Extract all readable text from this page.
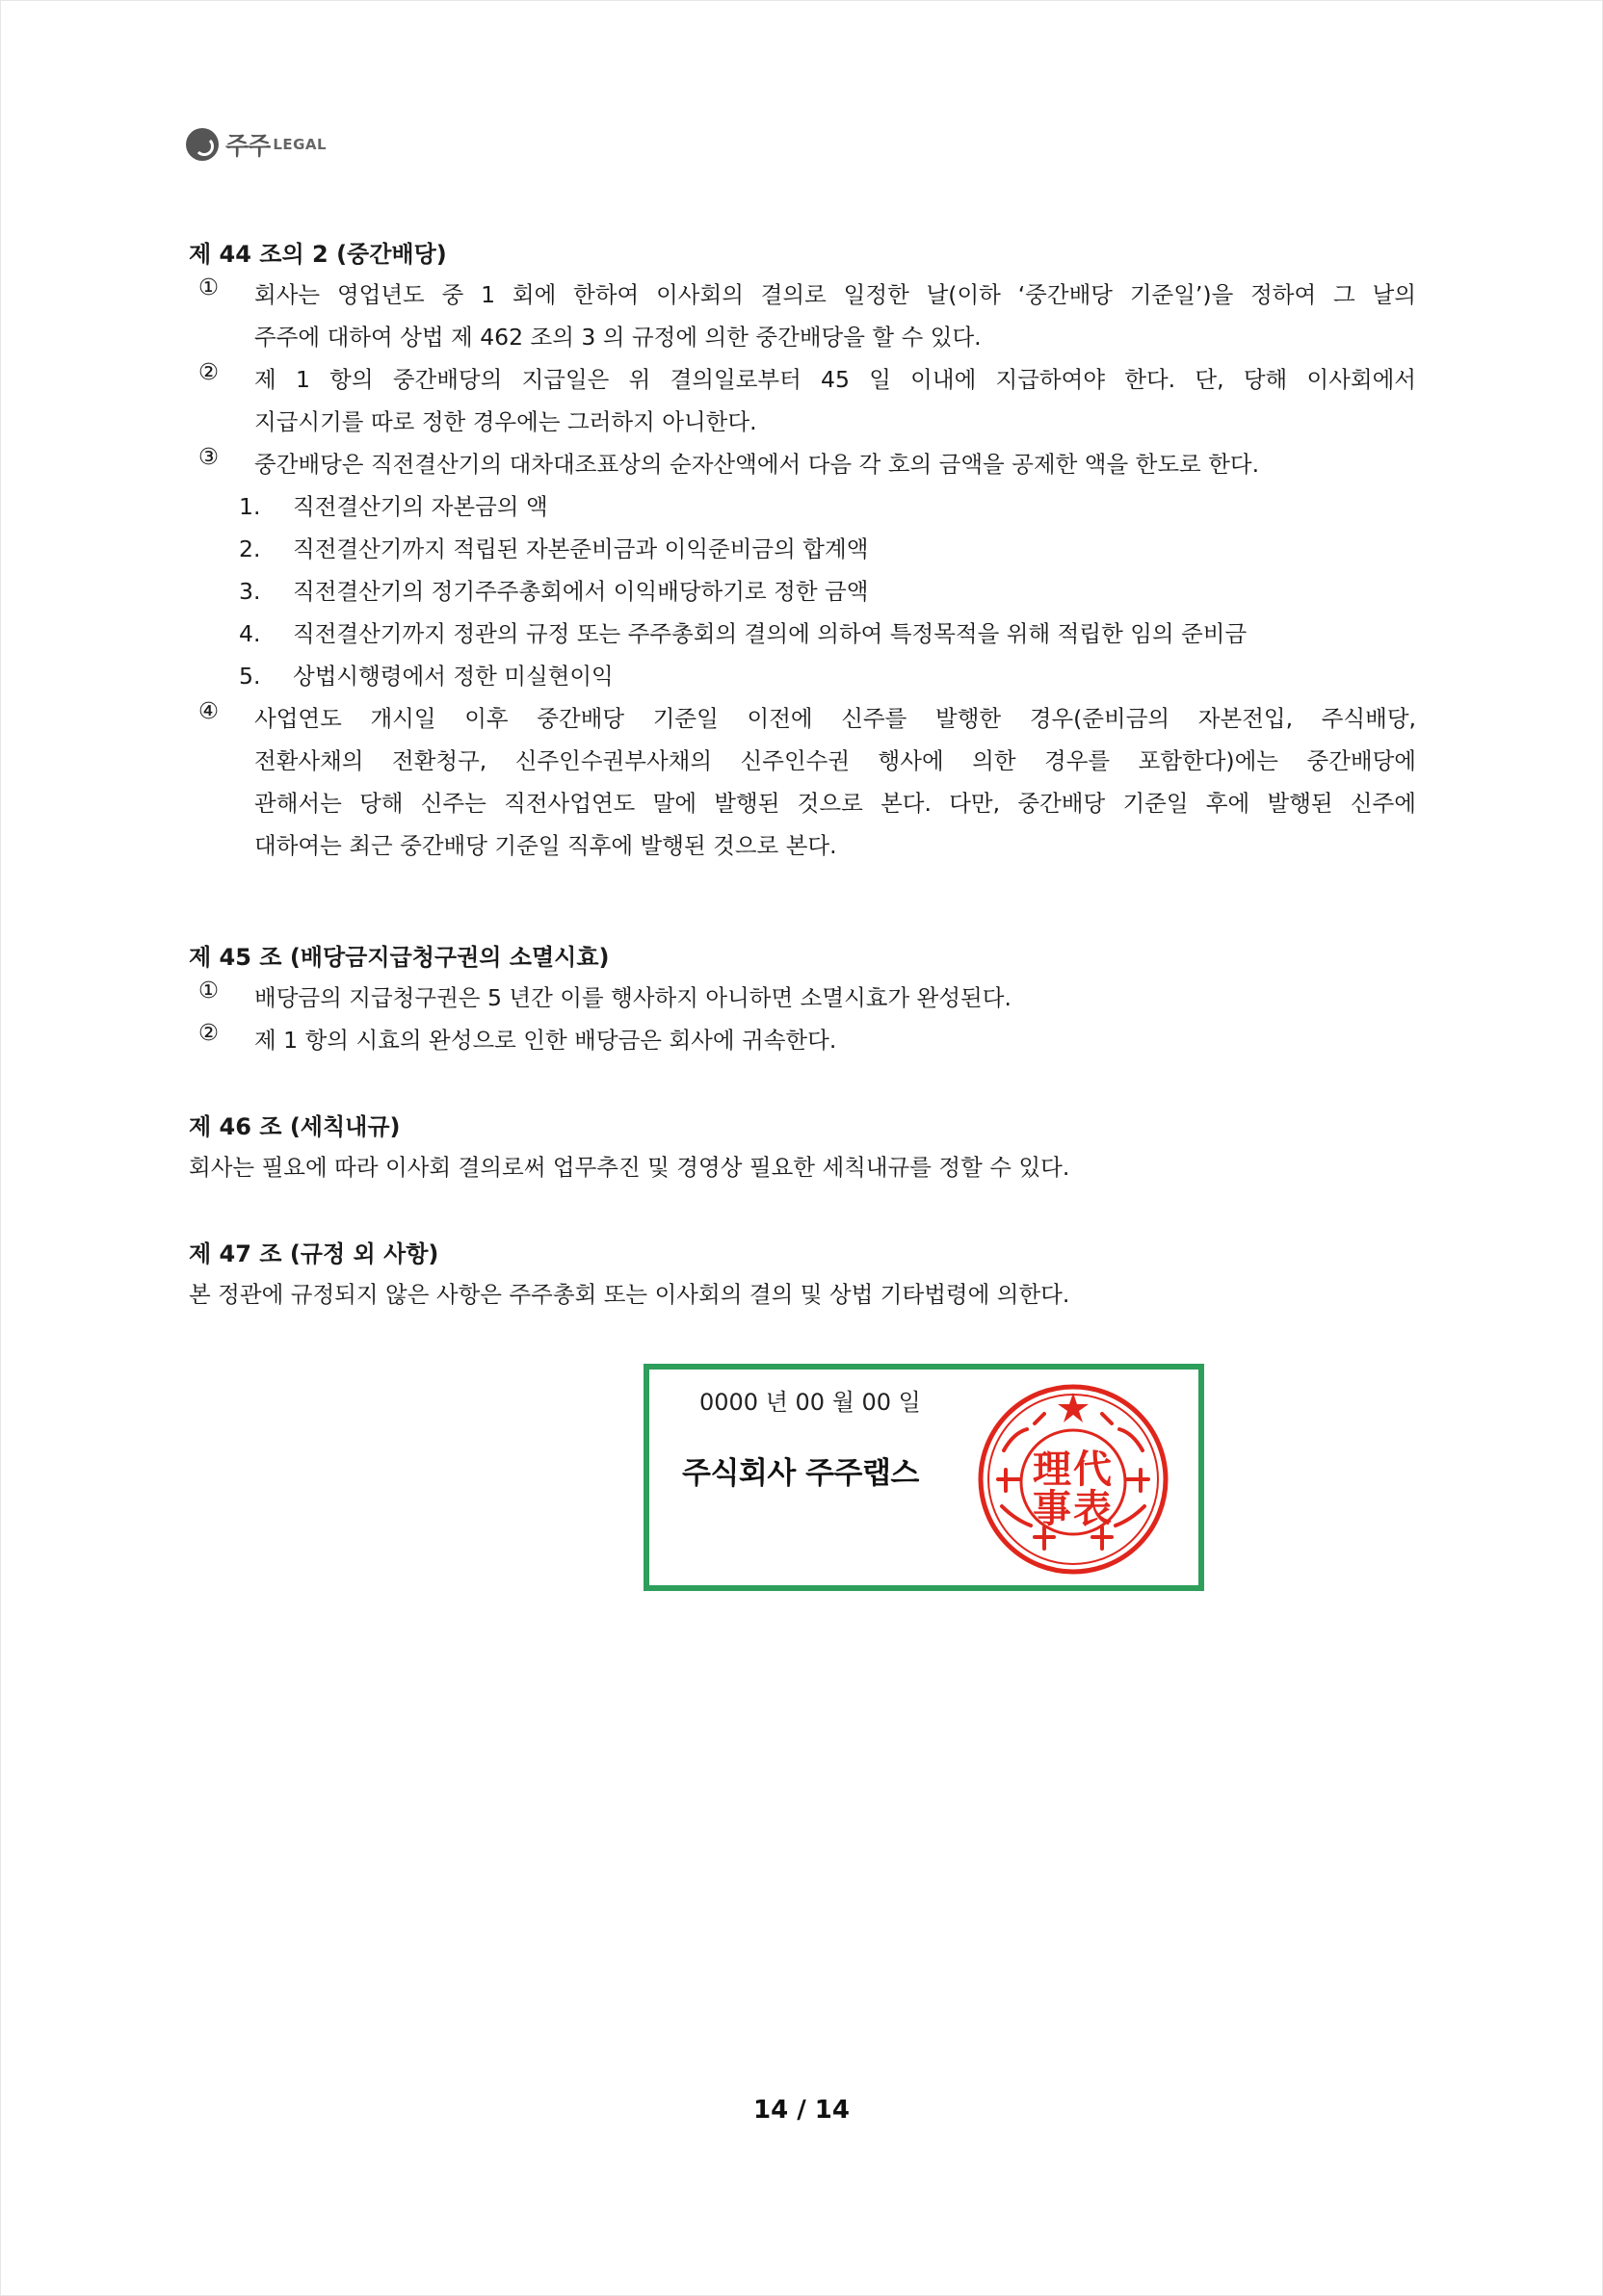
주주 LEGAL
제 44 조의 2 (중간배당)
①	회사는 영업년도 중 1 회에 한하여 이사회의 결의로 일정한 날(이하 ‘중간배당 기준일’)을 정하여 그 날의
주주에 대하여 상법 제 462 조의 3 의 규정에 의한 중간배당을 할 수 있다.
②	제 1 항의 중간배당의 지급일은 위 결의일로부터 45 일 이내에 지급하여야 한다. 단, 당해 이사회에서
지급시기를 따로 정한 경우에는 그러하지 아니한다.
③	중간배당은 직전결산기의 대차대조표상의 순자산액에서 다음 각 호의 금액을 공제한 액을 한도로 한다.
1.	직전결산기의 자본금의 액
2.	직전결산기까지 적립된 자본준비금과 이익준비금의 합계액
3.	직전결산기의 정기주주총회에서 이익배당하기로 정한 금액
4.	직전결산기까지 정관의 규정 또는 주주총회의 결의에 의하여 특정목적을 위해 적립한 임의 준비금
5.	상법시행령에서 정한 미실현이익
④	사업연도 개시일 이후 중간배당 기준일 이전에 신주를 발행한 경우(준비금의 자본전입, 주식배당,
전환사채의 전환청구, 신주인수권부사채의 신주인수권 행사에 의한 경우를 포함한다)에는 중간배당에
관해서는 당해 신주는 직전사업연도 말에 발행된 것으로 본다. 다만, 중간배당 기준일 후에 발행된 신주에
대하여는 최근 중간배당 기준일 직후에 발행된 것으로 본다.
제 45 조 (배당금지급청구권의 소멸시효)
①	배당금의 지급청구권은 5 년간 이를 행사하지 아니하면 소멸시효가 완성된다.
②	제 1 항의 시효의 완성으로 인한 배당금은 회사에 귀속한다.
제 46 조 (세칙내규)
회사는 필요에 따라 이사회 결의로써 업무추진 및 경영상 필요한 세칙내규를 정할 수 있다.
제 47 조 (규정 외 사항)
본 정관에 규정되지 않은 사항은 주주총회 또는 이사회의 결의 및 상법 기타법령에 의한다.
0000 년 00 월 00 일
주식회사 주주랩스	理 代
事 表
14 / 14
